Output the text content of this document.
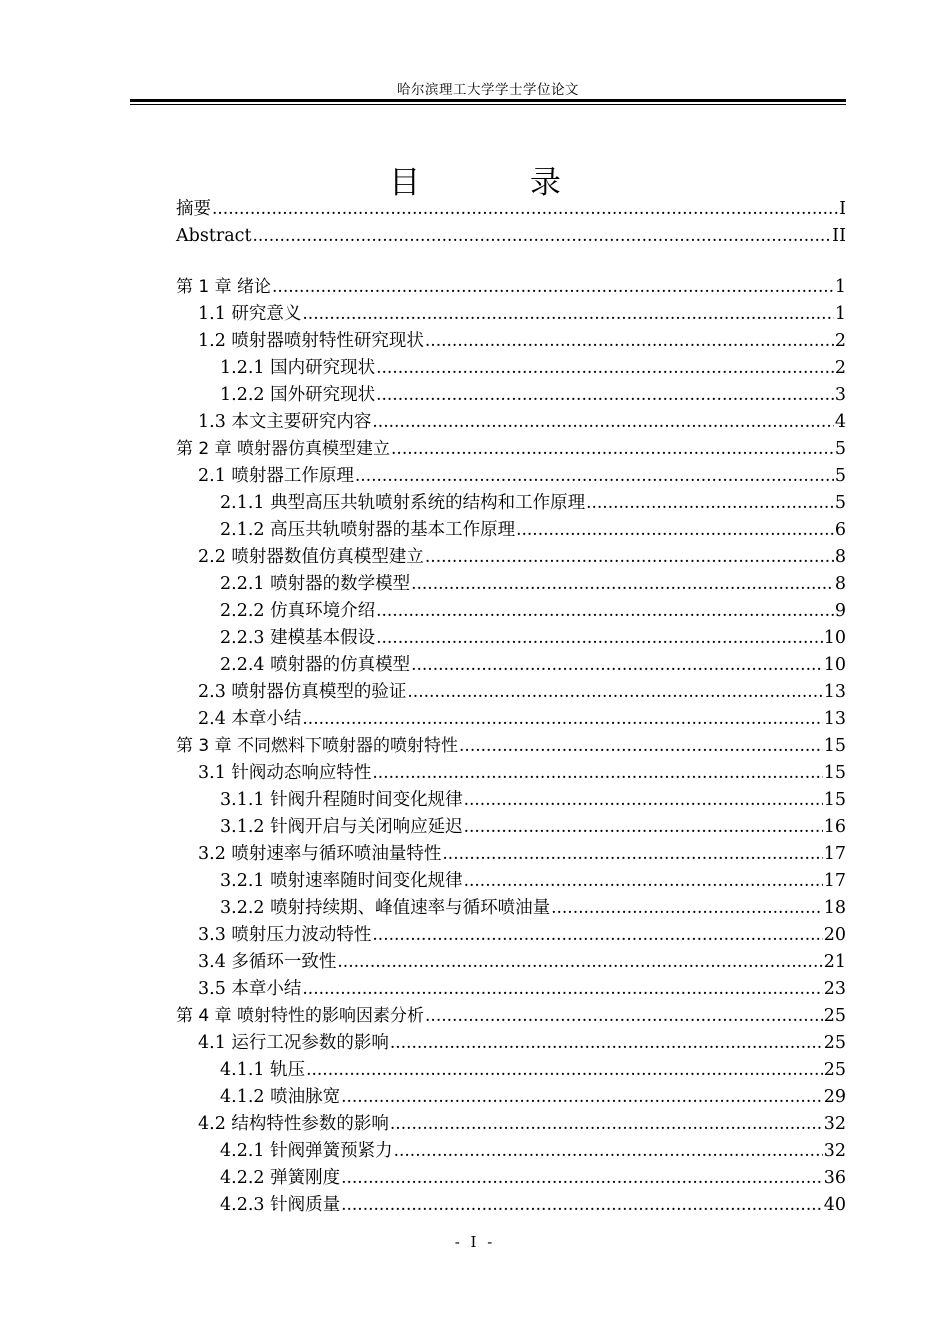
哈尔滨理工大学学士学位论文
目 录
摘要 .....	I
Abstract .....	II
第 1 章 绪论 .....	1
1.1 研究意义 .....	1
1.2 喷射器喷射特性研究现状 .....	2
1.2.1 国内研究现状 .....	2
1.2.2 国外研究现状 .....	3
1.3 本文主要研究内容 .....	4
第 2 章 喷射器仿真模型建立 .....	5
2.1 喷射器工作原理 .....	5
2.1.1 典型高压共轨喷射系统的结构和工作原理 .....	5
2.1.2 高压共轨喷射器的基本工作原理 .....	6
2.2 喷射器数值仿真模型建立 .....	8
2.2.1 喷射器的数学模型 .....	8
2.2.2 仿真环境介绍 .....	9
2.2.3 建模基本假设 .....	10
2.2.4 喷射器的仿真模型 .....	10
2.3 喷射器仿真模型的验证 .....	13
2.4 本章小结 .....	13
第 3 章 不同燃料下喷射器的喷射特性 .....	15
3.1 针阀动态响应特性 .....	15
3.1.1 针阀升程随时间变化规律 .....	15
3.1.2 针阀开启与关闭响应延迟 .....	16
3.2 喷射速率与循环喷油量特性 .....	17
3.2.1 喷射速率随时间变化规律 .....	17
3.2.2 喷射持续期、峰值速率与循环喷油量 .....	18
3.3 喷射压力波动特性 .....	20
3.4 多循环一致性 .....	21
3.5 本章小结 .....	23
第 4 章 喷射特性的影响因素分析 .....	25
4.1 运行工况参数的影响 .....	25
4.1.1 轨压 .....	25
4.1.2 喷油脉宽 .....	29
4.2 结构特性参数的影响 .....	32
4.2.1 针阀弹簧预紧力 .....	32
4.2.2 弹簧刚度 .....	36
4.2.3 针阀质量 .....	40
- I -
